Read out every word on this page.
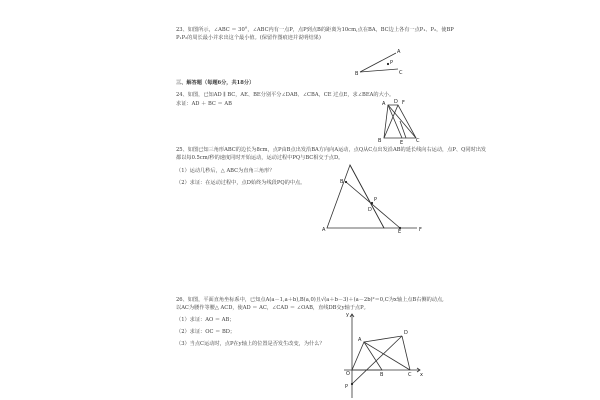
23、如图所示，∠ABC ＝ 30°，∠ABC内有一点P，点P到点B的距离为10cm,点在BA，BC边上各有一点P₁、P₂，使BP
P₁P₂的周长最小并求出这个最小值。(保留作图痕迹并说明结果)
A
P
B	C
三、解答题（每题6分，共18分）
24、如图，已知AD ∥ BC，AE、BE分别平分∠DAB、∠CBA，CE 过点E，求∠BEA的大小。
求证：AD ＋ BC ＝ AB	A D F
B	E	C
25、如图已知三角形ABC的边长为8cm，点P由B点出发沿BA方向向A运动，点Q从C点出发沿AB的延长线向右运动，点P、Q同时出发
都以每0.5cm/秒的速度同时开始运动，运动过程中PQ与BC相交于点D。
（1）运动几秒后，△ ABC为直角三角形？
（2）求证：在运动过程中，点D始终为线段PQ的中点。	B
P
D
A	E	F
26、如图，平面直角坐标系中，已知点A(a－1,a＋b),B(a,0)且√(a＋b－3)＋(a－2b)²＝0,C为x轴上点B右侧的动点,
以AC为腰作等腰△ ACD，使AD ＝ AC，∠CAD ＝ ∠OAB，直线DB交y轴于点P。
（1）求证：AO ＝ AB；
（2）求证：OC ＝ BD；
（3）当点C运动时，点P在y轴上的位置是否发生改变，为什么？
y
A
D
O	B	C x
P
